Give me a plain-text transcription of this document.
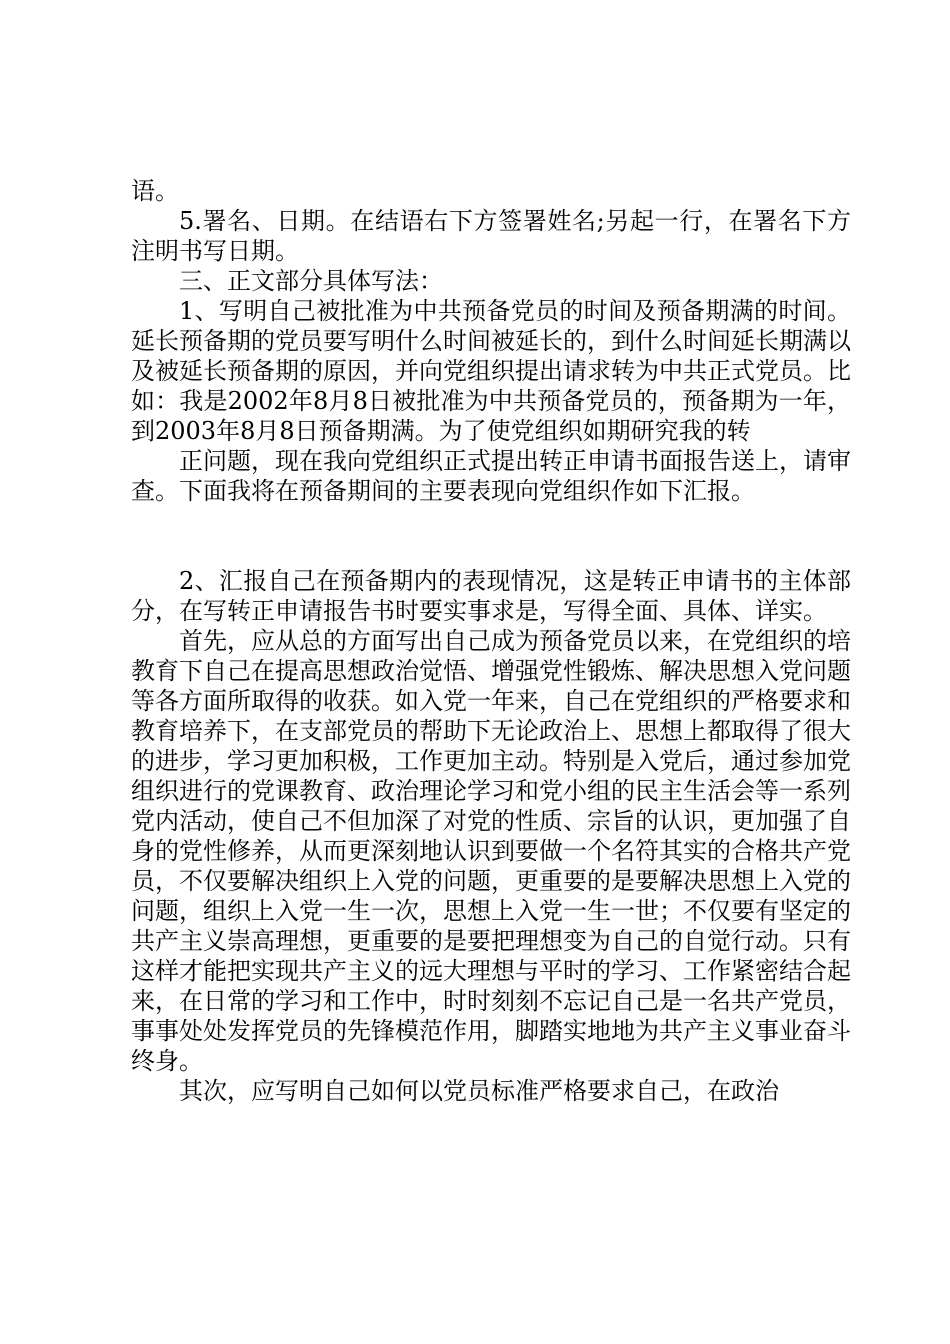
语。

5.署名、日期。在结语右下方签署姓名;另起一行，在署名下方注明书写日期。

三、正文部分具体写法：

1、写明自己被批准为中共预备党员的时间及预备期满的时间。延长预备期的党员要写明什么时间被延长的，到什么时间延长期满以及被延长预备期的原因，并向党组织提出请求转为中共正式党员。比如：我是2002年8月8日被批准为中共预备党员的，预备期为一年，到2003年8月8日预备期满。为了使党组织如期研究我的转

正问题，现在我向党组织正式提出转正申请书面报告送上，请审查。下面我将在预备期间的主要表现向党组织作如下汇报。

2、汇报自己在预备期内的表现情况，这是转正申请书的主体部分，在写转正申请报告书时要实事求是，写得全面、具体、详实。

首先，应从总的方面写出自己成为预备党员以来，在党组织的培教育下自己在提高思想政治觉悟、增强党性锻炼、解决思想入党问题等各方面所取得的收获。如入党一年来，自己在党组织的严格要求和教育培养下，在支部党员的帮助下无论政治上、思想上都取得了很大的进步，学习更加积极，工作更加主动。特别是入党后，通过参加党组织进行的党课教育、政治理论学习和党小组的民主生活会等一系列党内活动，使自己不但加深了对党的性质、宗旨的认识，更加强了自身的党性修养，从而更深刻地认识到要做一个名符其实的合格共产党员，不仅要解决组织上入党的问题，更重要的是要解决思想上入党的问题，组织上入党一生一次，思想上入党一生一世；不仅要有坚定的共产主义崇高理想，更重要的是要把理想变为自己的自觉行动。只有这样才能把实现共产主义的远大理想与平时的学习、工作紧密结合起来，在日常的学习和工作中，时时刻刻不忘记自己是一名共产党员，事事处处发挥党员的先锋模范作用，脚踏实地地为共产主义事业奋斗终身。

其次，应写明自己如何以党员标准严格要求自己，在政治
